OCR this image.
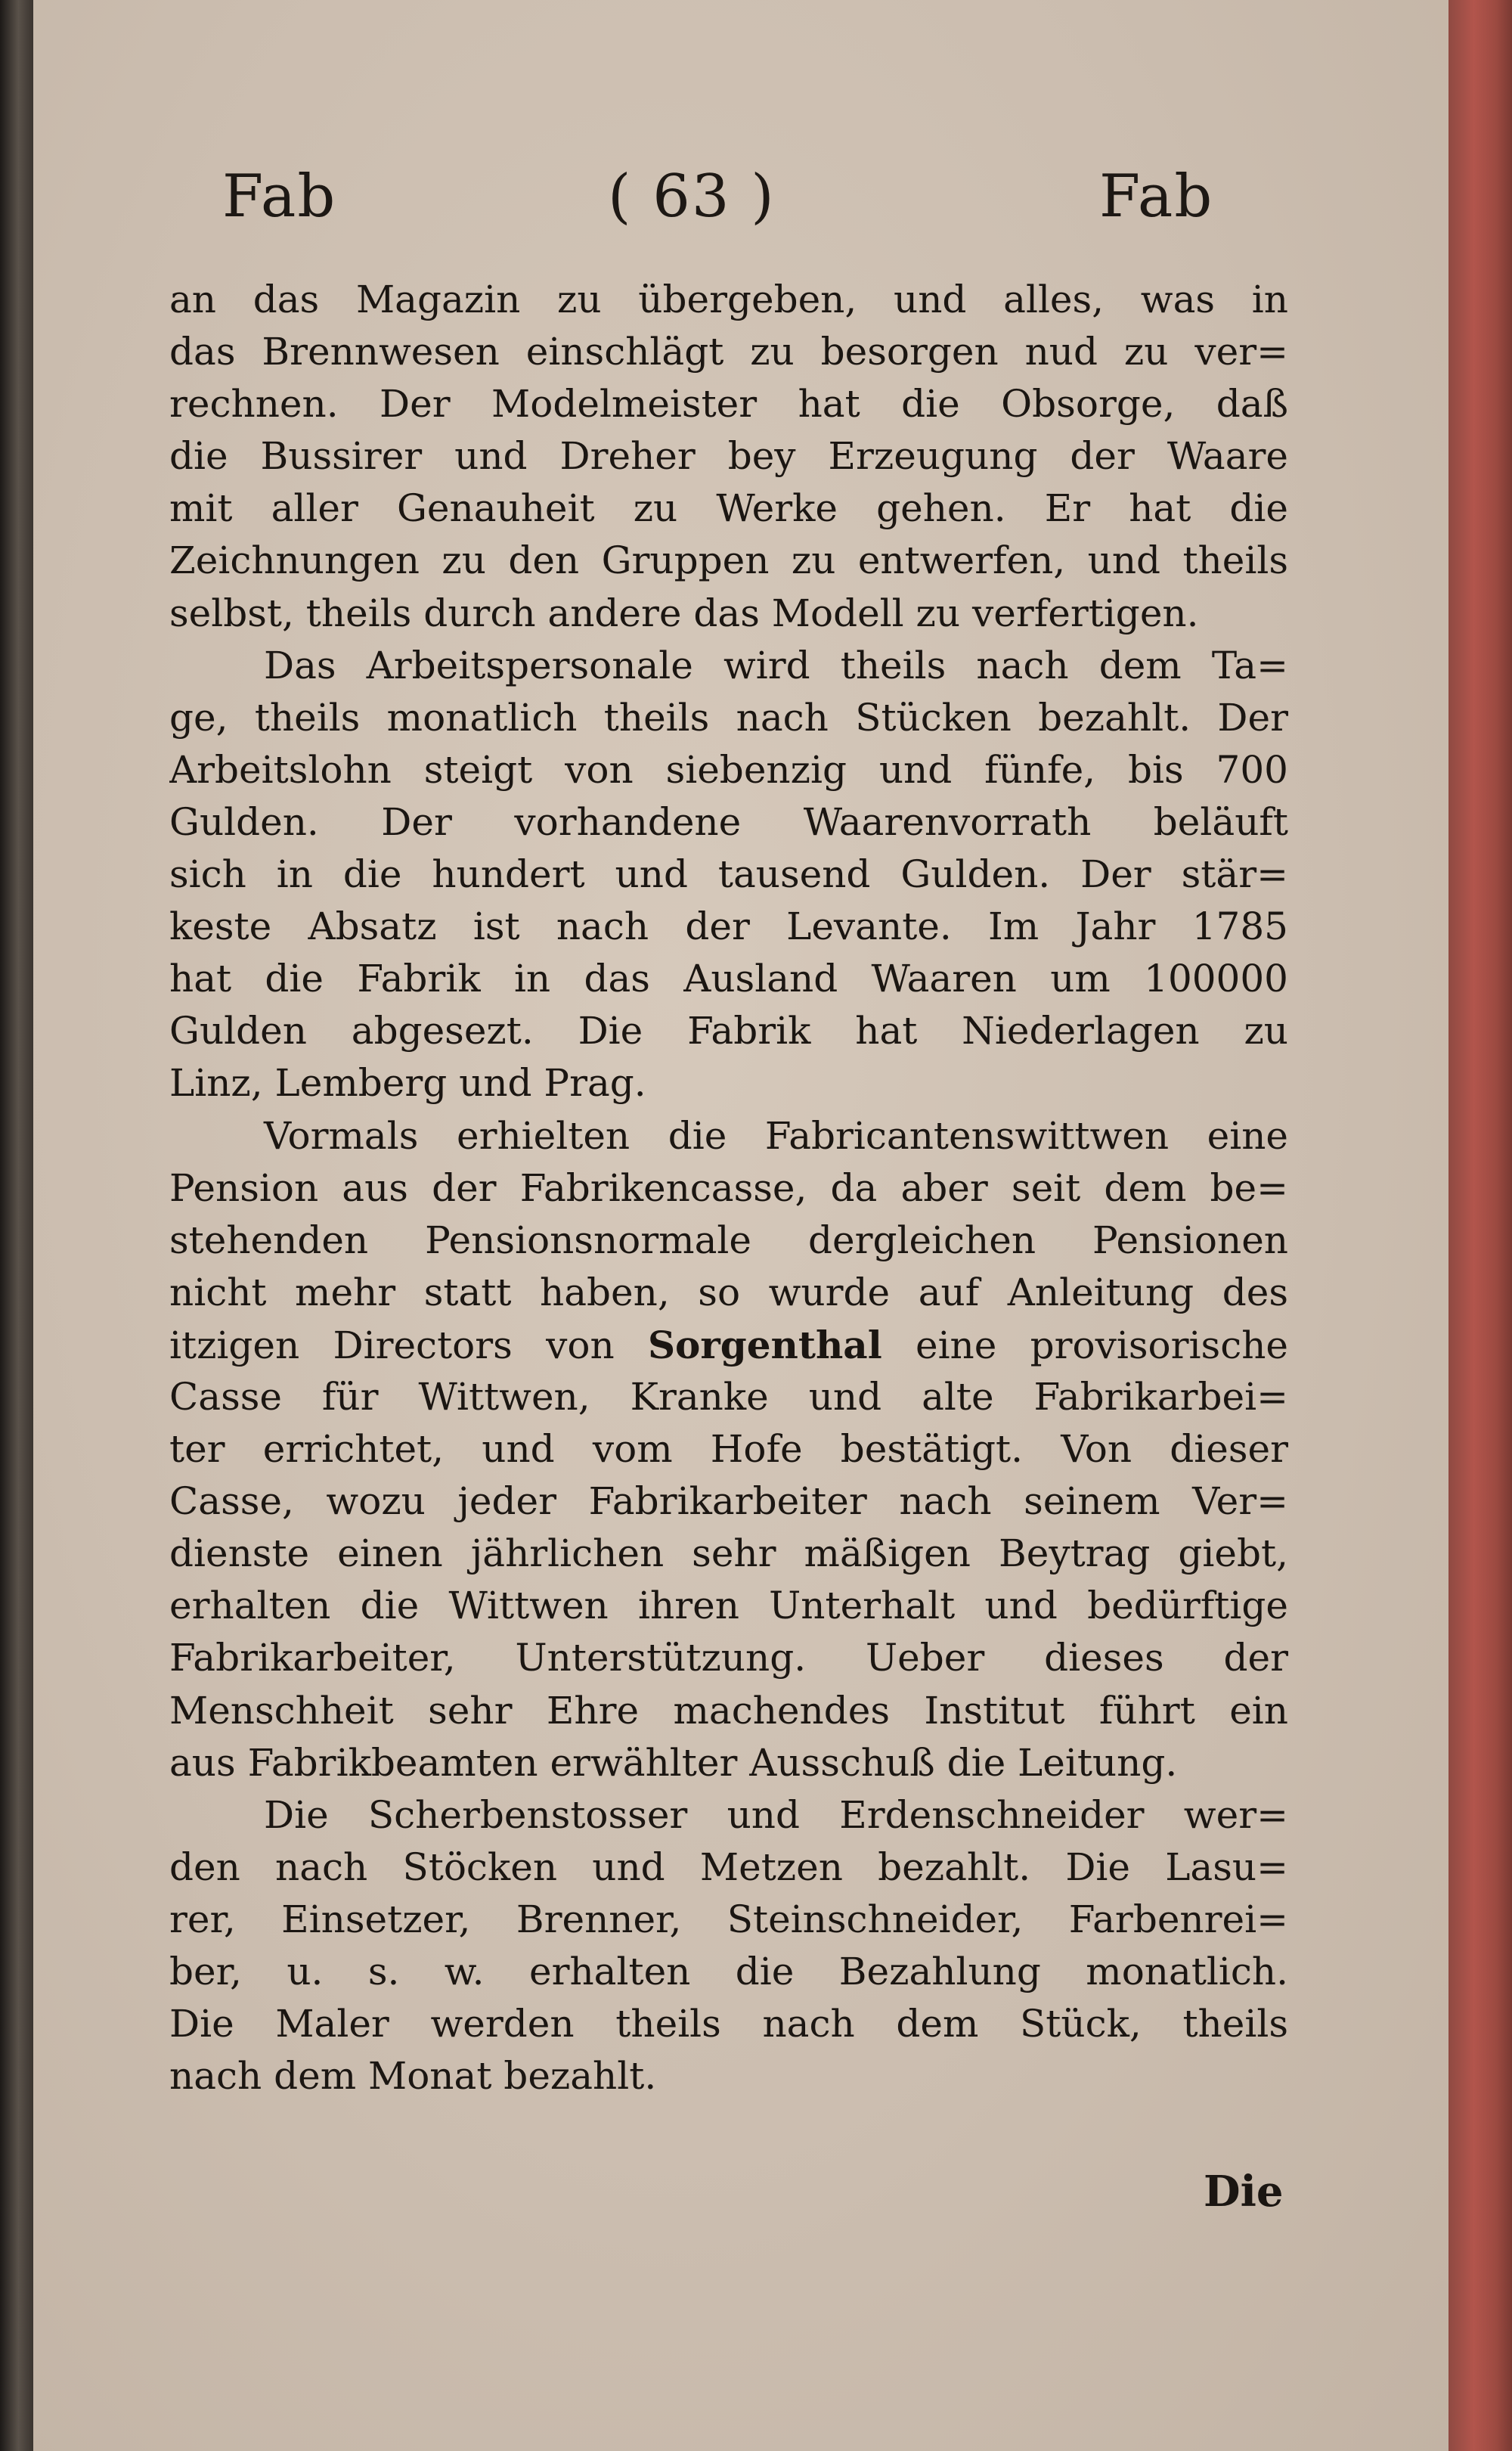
Fab	( 63 )	Fab
an das Magazin zu übergeben, und alles, was in
das Brennwesen einschlägt zu besorgen nud zu ver=
rechnen. Der Modelmeister hat die Obsorge, daß
die Bussirer und Dreher bey Erzeugung der Waare
mit aller Genauheit zu Werke gehen. Er hat die
Zeichnungen zu den Gruppen zu entwerfen, und theils
selbst, theils durch andere das Modell zu verfertigen.
Das Arbeitspersonale wird theils nach dem Ta=
ge, theils monatlich theils nach Stücken bezahlt. Der
Arbeitslohn steigt von siebenzig und fünfe, bis 700
Gulden. Der vorhandene Waarenvorrath beläuft
sich in die hundert und tausend Gulden. Der stär=
keste Absatz ist nach der Levante. Im Jahr 1785
hat die Fabrik in das Ausland Waaren um 100000
Gulden abgesezt. Die Fabrik hat Niederlagen zu
Linz, Lemberg und Prag.
Vormals erhielten die Fabricantenswittwen eine
Pension aus der Fabrikencasse, da aber seit dem be=
stehenden Pensionsnormale dergleichen Pensionen
nicht mehr statt haben, so wurde auf Anleitung des
itzigen Directors von Sorgenthal eine provisorische
Casse für Wittwen, Kranke und alte Fabrikarbei=
ter errichtet, und vom Hofe bestätigt. Von dieser
Casse, wozu jeder Fabrikarbeiter nach seinem Ver=
dienste einen jährlichen sehr mäßigen Beytrag giebt,
erhalten die Wittwen ihren Unterhalt und bedürftige
Fabrikarbeiter, Unterstützung. Ueber dieses der
Menschheit sehr Ehre machendes Institut führt ein
aus Fabrikbeamten erwählter Ausschuß die Leitung.
Die Scherbenstosser und Erdenschneider wer=
den nach Stöcken und Metzen bezahlt. Die Lasu=
rer, Einsetzer, Brenner, Steinschneider, Farbenrei=
ber, u. s. w. erhalten die Bezahlung monatlich.
Die Maler werden theils nach dem Stück, theils
nach dem Monat bezahlt.
Die
